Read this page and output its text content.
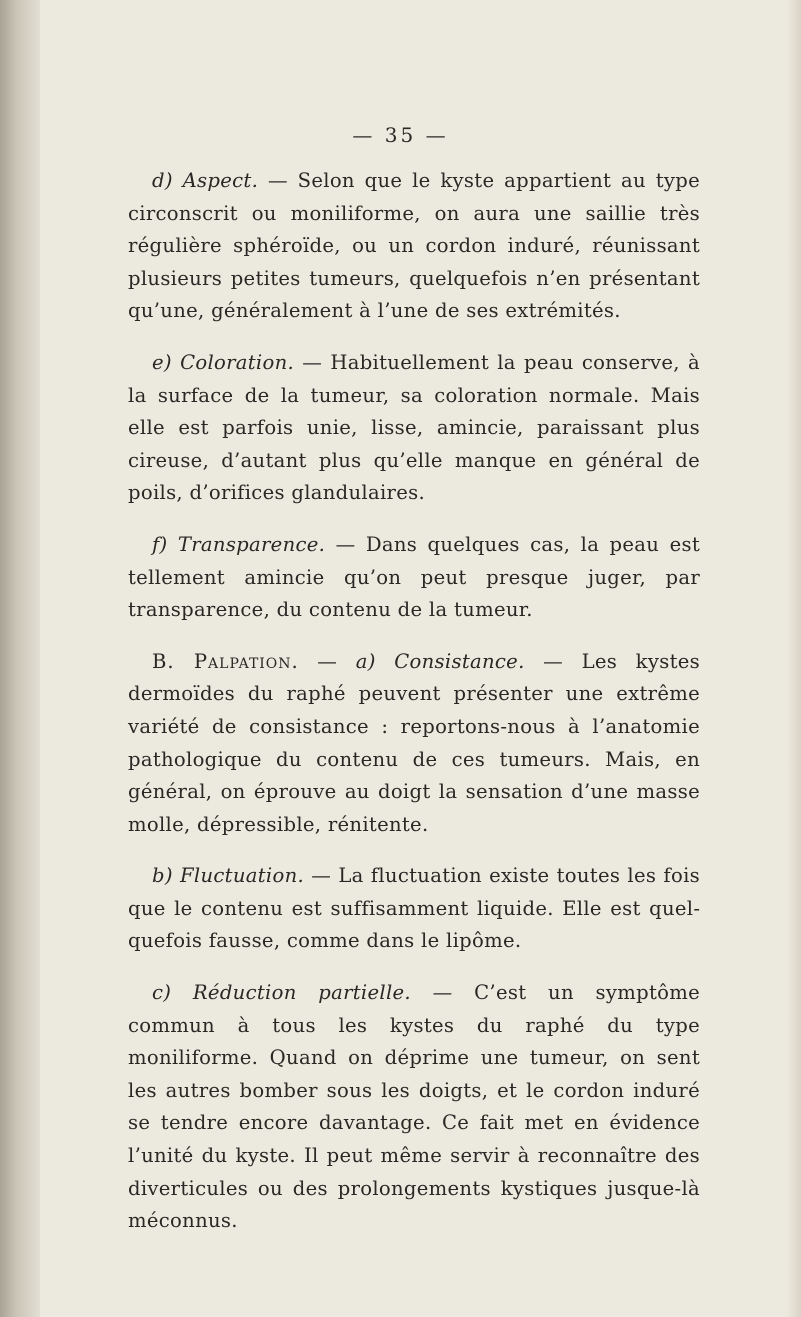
— 35 —

d) Aspect. — Selon que le kyste appartient au type circonscrit ou moniliforme, on aura une saillie très régulière sphéroïde, ou un cordon induré, réunissant plusieurs petites tumeurs, quelquefois n’en présentant qu’une, généralement à l’une de ses extrémités.

e) Coloration. — Habituellement la peau conserve, à la surface de la tumeur, sa coloration normale. Mais elle est parfois unie, lisse, amincie, paraissant plus cireuse, d’autant plus qu’elle manque en général de poils, d’orifices glandulaires.

f) Transparence. — Dans quelques cas, la peau est tellement amincie qu’on peut presque juger, par transparence, du contenu de la tumeur.

B. Palpation. — a) Consistance. — Les kystes dermoïdes du raphé peuvent présenter une extrême variété de consistance : reportons-nous à l’anatomie pathologique du contenu de ces tumeurs. Mais, en général, on éprouve au doigt la sensation d’une masse molle, dépressible, rénitente.

b) Fluctuation. — La fluctuation existe toutes les fois que le contenu est suffisamment liquide. Elle est quelquefois fausse, comme dans le lipôme.

c) Réduction partielle. — C’est un symptôme commun à tous les kystes du raphé du type moniliforme. Quand on déprime une tumeur, on sent les autres bomber sous les doigts, et le cordon induré se tendre encore davantage. Ce fait met en évidence l’unité du kyste. Il peut même servir à reconnaître des diverticules ou des prolongements kystiques jusque-là méconnus.
